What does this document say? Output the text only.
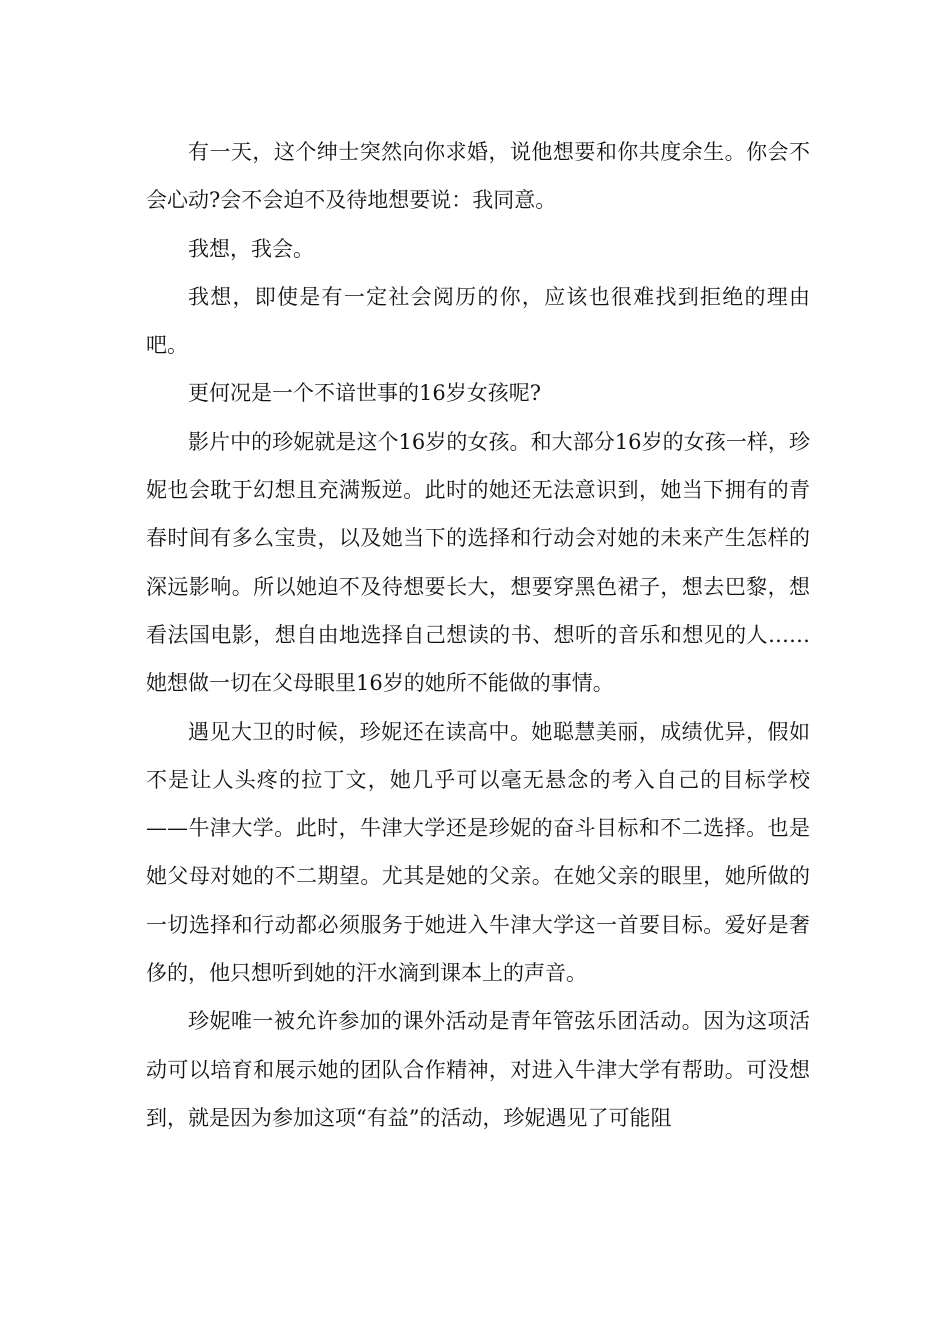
有一天，这个绅士突然向你求婚，说他想要和你共度余生。你会不会心动?会不会迫不及待地想要说：我同意。

我想，我会。

我想，即使是有一定社会阅历的你，应该也很难找到拒绝的理由吧。

更何况是一个不谙世事的16岁女孩呢?

影片中的珍妮就是这个16岁的女孩。和大部分16岁的女孩一样，珍妮也会耽于幻想且充满叛逆。此时的她还无法意识到，她当下拥有的青春时间有多么宝贵，以及她当下的选择和行动会对她的未来产生怎样的深远影响。所以她迫不及待想要长大，想要穿黑色裙子，想去巴黎，想看法国电影，想自由地选择自己想读的书、想听的音乐和想见的人……她想做一切在父母眼里16岁的她所不能做的事情。

遇见大卫的时候，珍妮还在读高中。她聪慧美丽，成绩优异，假如不是让人头疼的拉丁文，她几乎可以毫无悬念的考入自己的目标学校——牛津大学。此时，牛津大学还是珍妮的奋斗目标和不二选择。也是她父母对她的不二期望。尤其是她的父亲。在她父亲的眼里，她所做的一切选择和行动都必须服务于她进入牛津大学这一首要目标。爱好是奢侈的，他只想听到她的汗水滴到课本上的声音。

珍妮唯一被允许参加的课外活动是青年管弦乐团活动。因为这项活动可以培育和展示她的团队合作精神，对进入牛津大学有帮助。可没想到，就是因为参加这项“有益”的活动，珍妮遇见了可能阻
